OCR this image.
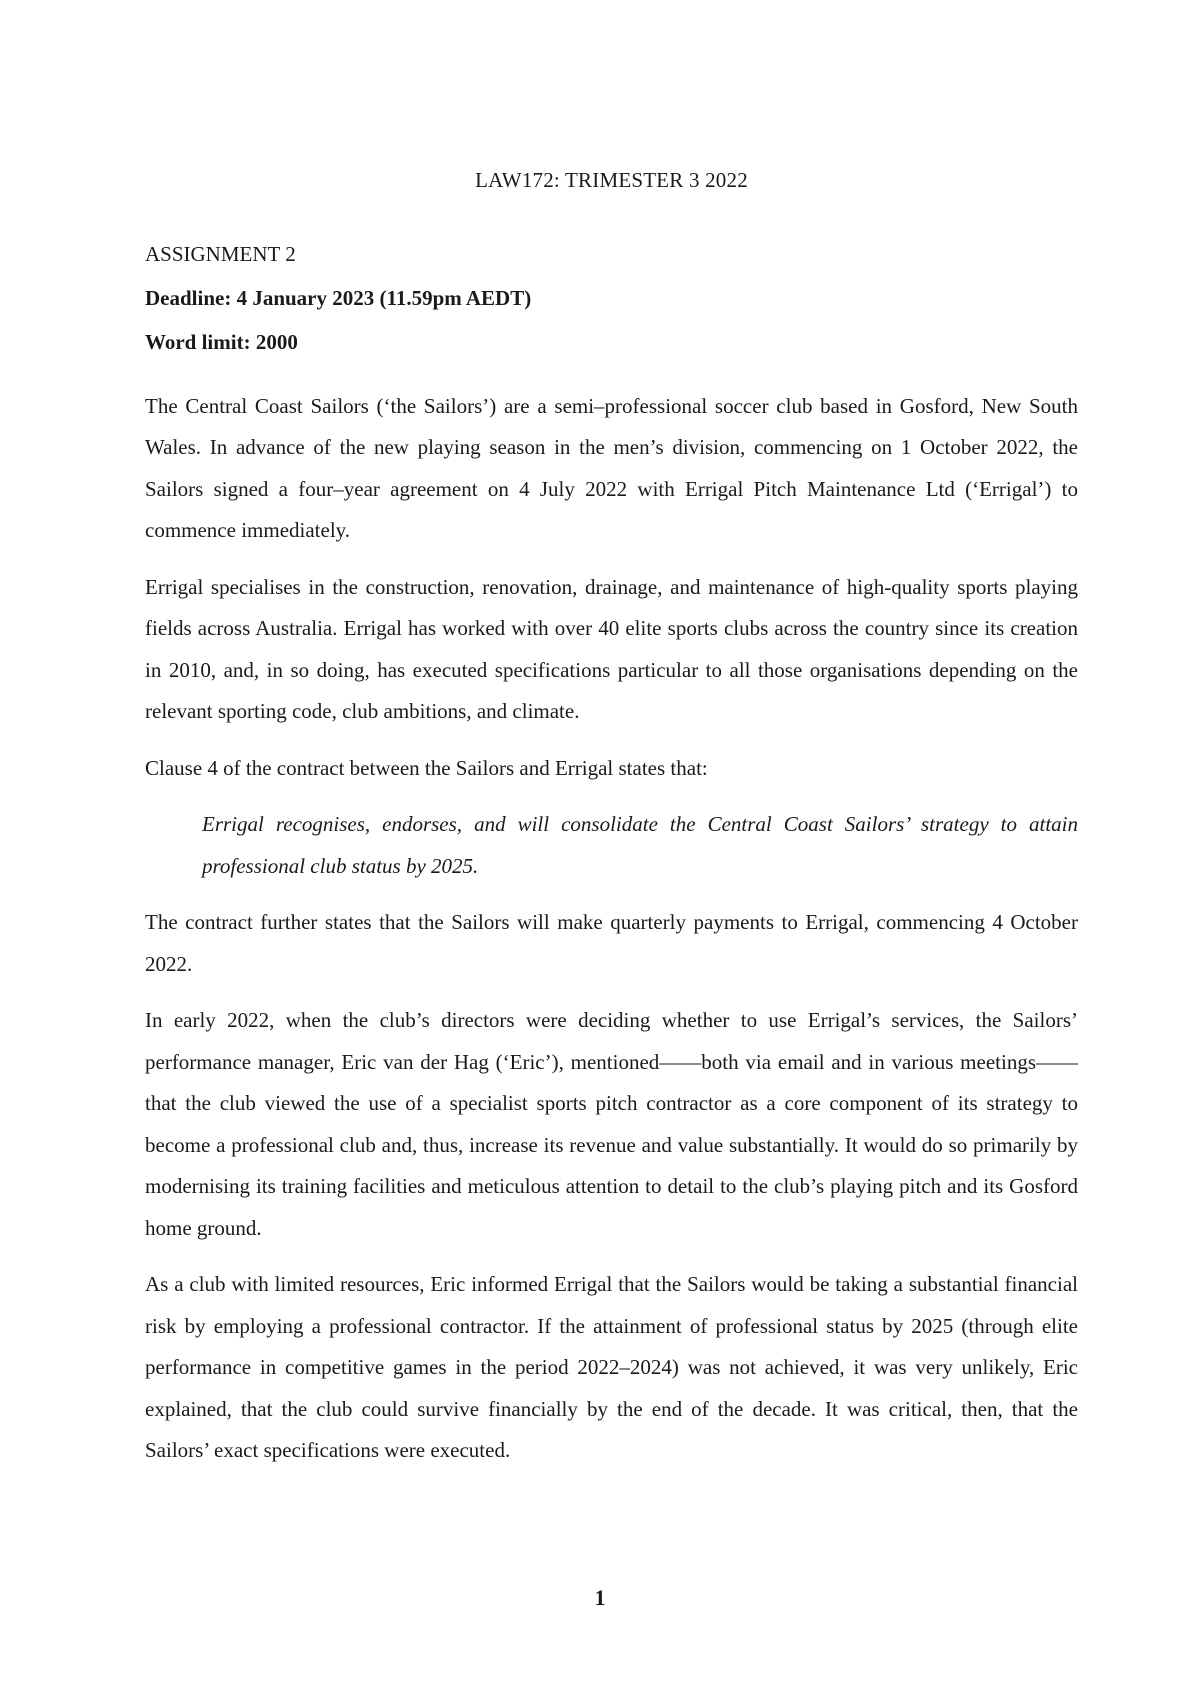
LAW172: TRIMESTER 3 2022

ASSIGNMENT 2

Deadline: 4 January 2023 (11.59pm AEDT)

Word limit: 2000

The Central Coast Sailors (‘the Sailors’) are a semi–professional soccer club based in Gosford, New South Wales. In advance of the new playing season in the men’s division, commencing on 1 October 2022, the Sailors signed a four–year agreement on 4 July 2022 with Errigal Pitch Maintenance Ltd (‘Errigal’) to commence immediately.

Errigal specialises in the construction, renovation, drainage, and maintenance of high-quality sports playing fields across Australia. Errigal has worked with over 40 elite sports clubs across the country since its creation in 2010, and, in so doing, has executed specifications particular to all those organisations depending on the relevant sporting code, club ambitions, and climate.

Clause 4 of the contract between the Sailors and Errigal states that:

Errigal recognises, endorses, and will consolidate the Central Coast Sailors’ strategy to attain professional club status by 2025.

The contract further states that the Sailors will make quarterly payments to Errigal, commencing 4 October 2022.

In early 2022, when the club’s directors were deciding whether to use Errigal’s services, the Sailors’ performance manager, Eric van der Hag (‘Eric’), mentioned——both via email and in various meetings——that the club viewed the use of a specialist sports pitch contractor as a core component of its strategy to become a professional club and, thus, increase its revenue and value substantially. It would do so primarily by modernising its training facilities and meticulous attention to detail to the club’s playing pitch and its Gosford home ground.

As a club with limited resources, Eric informed Errigal that the Sailors would be taking a substantial financial risk by employing a professional contractor. If the attainment of professional status by 2025 (through elite performance in competitive games in the period 2022–2024) was not achieved, it was very unlikely, Eric explained, that the club could survive financially by the end of the decade. It was critical, then, that the Sailors’ exact specifications were executed.

1
